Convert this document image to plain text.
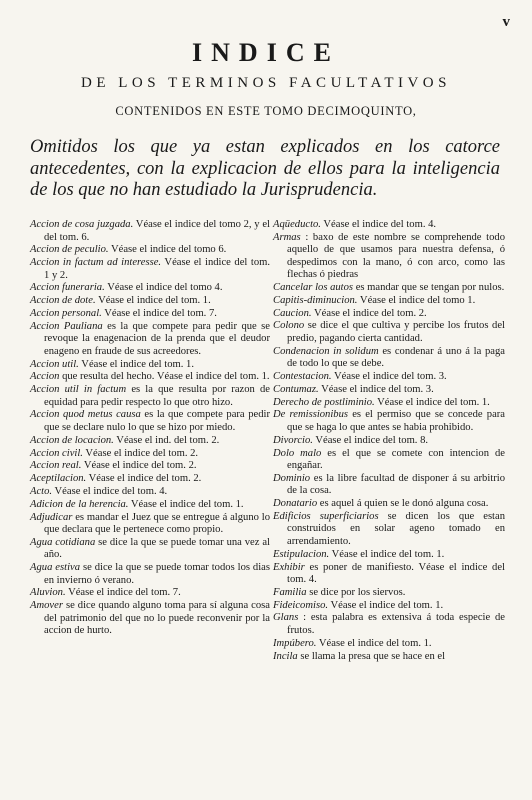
v
INDICE
DE LOS TERMINOS FACULTATIVOS
CONTENIDOS EN ESTE TOMO DECIMOQUINTO,
Omitidos los que ya estan explicados en los catorce antecedentes, con la explicacion de ellos para la inteligencia de los que no han estudiado la Jurisprudencia.
Accion de cosa juzgada. Véase el indice del tomo 2, y el del tom. 6.
Accion de peculio. Véase el indice del tomo 6.
Accion in factum ad interesse. Véase el indice del tom. 1 y 2.
Accion funeraria. Véase el indice del tomo 4.
Accion de dote. Véase el indice del tom. 1.
Accion personal. Véase el indice del tom. 7.
Accion Pauliana es la que compete para pedir que se revoque la enagenacion de la prenda que el deudor enageno en fraude de sus acreedores.
Accion util. Véase el indice del tom. 1.
Accion que resulta del hecho. Véase el indice del tom. 1.
Accion util in factum es la que resulta por razon de equidad para pedir respecto lo que otro hizo.
Accion quod metus causa es la que compete para pedir que se declare nulo lo que se hizo por miedo.
Accion de locacion. Véase el ind. del tom. 2.
Accion civil. Véase el indice del tom. 2.
Accion real. Véase el indice del tom. 2.
Aceptilacion. Véase el indice del tom. 2.
Acto. Véase el indice del tom. 4.
Adicion de la herencia. Véase el indice del tom. 1.
Adjudicar es mandar el Juez que se entregue á alguno lo que declara que le pertenece como propio.
Agua cotidiana se dice la que se puede tomar una vez al año.
Agua estiva se dice la que se puede tomar todos los dias en invierno ó verano.
Aluvion. Véase el indice del tom. 7.
Amover se dice quando alguno toma para sí alguna cosa del patrimonio del que no lo puede reconvenir por la accion de hurto.
Aqüeducto. Véase el indice del tom. 4.
Armas : baxo de este nombre se comprehende todo aquello de que usamos para nuestra defensa, ó despedimos con la mano, ó con arco, como las flechas ó piedras
Cancelar los autos es mandar que se tengan por nulos.
Capitis-diminucion. Véase el indice del tomo 1.
Caucion. Véase el indice del tom. 2.
Colono se dice el que cultiva y percibe los frutos del predio, pagando cierta cantidad.
Condenacion in solidum es condenar á uno á la paga de todo lo que se debe.
Contestacion. Véase el indice del tom. 3.
Contumaz. Véase el indice del tom. 3.
Derecho de postliminio. Véase el indice del tom. 1.
De remissionibus es el permiso que se concede para que se haga lo que antes se habia prohibido.
Divorcio. Véase el indice del tom. 8.
Dolo malo es el que se comete con intencion de engañar.
Dominio es la libre facultad de disponer á su arbitrio de la cosa.
Donatario es aquel á quien se le donó alguna cosa.
Edificios superficiarios se dicen los que estan construidos en solar ageno tomado en arrendamiento.
Estipulacion. Véase el indice del tom. 1.
Exhibir es poner de manifiesto. Véase el indice del tom. 4.
Familia se dice por los siervos.
Fideicomiso. Véase el indice del tom. 1.
Glans : esta palabra es extensiva á toda especie de frutos.
Impúbero. Véase el indice del tom. 1.
Incila se llama la presa que se hace en el
